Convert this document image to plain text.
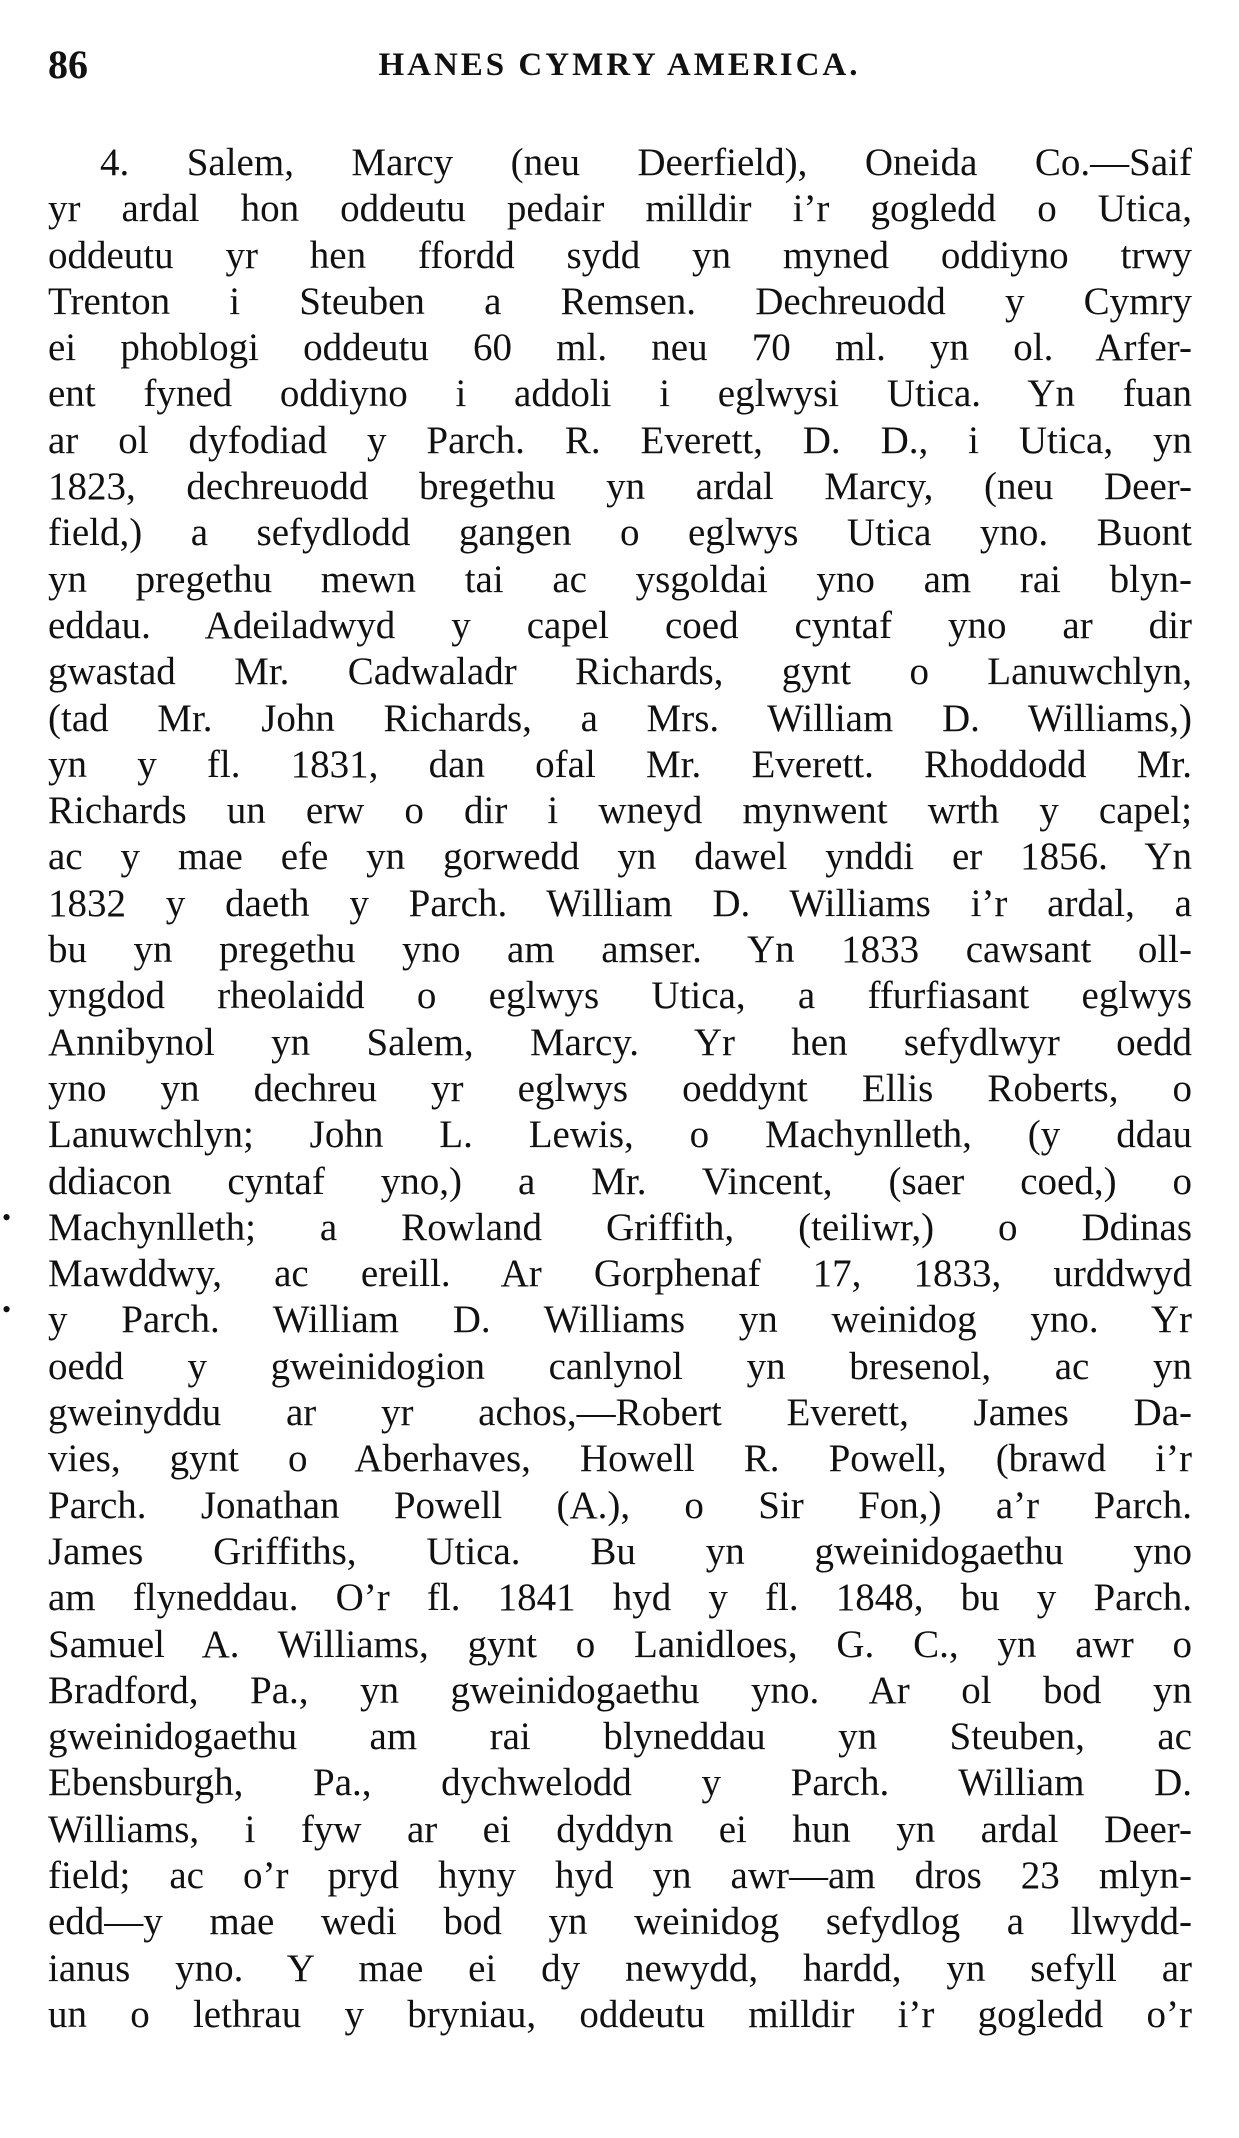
86	HANES CYMRY AMERICA.
4. Salem, Marcy (neu Deerfield), Oneida Co.—Saif
yr ardal hon oddeutu pedair milldir i’r gogledd o Utica,
oddeutu yr hen ffordd sydd yn myned oddiyno trwy
Trenton i Steuben a Remsen. Dechreuodd y Cymry
ei phoblogi oddeutu 60 ml. neu 70 ml. yn ol. Arfer-
ent fyned oddiyno i addoli i eglwysi Utica. Yn fuan
ar ol dyfodiad y Parch. R. Everett, D. D., i Utica, yn
1823, dechreuodd bregethu yn ardal Marcy, (neu Deer-
field,) a sefydlodd gangen o eglwys Utica yno. Buont
yn pregethu mewn tai ac ysgoldai yno am rai blyn-
eddau. Adeiladwyd y capel coed cyntaf yno ar dir
gwastad Mr. Cadwaladr Richards, gynt o Lanuwchlyn,
(tad Mr. John Richards, a Mrs. William D. Williams,)
yn y fl. 1831, dan ofal Mr. Everett. Rhoddodd Mr.
Richards un erw o dir i wneyd mynwent wrth y capel;
ac y mae efe yn gorwedd yn dawel ynddi er 1856. Yn
1832 y daeth y Parch. William D. Williams i’r ardal, a
bu yn pregethu yno am amser. Yn 1833 cawsant oll-
yngdod rheolaidd o eglwys Utica, a ffurfiasant eglwys
Annibynol yn Salem, Marcy. Yr hen sefydlwyr oedd
yno yn dechreu yr eglwys oeddynt Ellis Roberts, o
Lanuwchlyn; John L. Lewis, o Machynlleth, (y ddau
ddiacon cyntaf yno,) a Mr. Vincent, (saer coed,) o
Machynlleth; a Rowland Griffith, (teiliwr,) o Ddinas
Mawddwy, ac ereill. Ar Gorphenaf 17, 1833, urddwyd
y Parch. William D. Williams yn weinidog yno. Yr
oedd y gweinidogion canlynol yn bresenol, ac yn
gweinyddu ar yr achos,—Robert Everett, James Da-
vies, gynt o Aberhaves, Howell R. Powell, (brawd i’r
Parch. Jonathan Powell (A.), o Sir Fon,) a’r Parch.
James Griffiths, Utica. Bu yn gweinidogaethu yno
am flyneddau. O’r fl. 1841 hyd y fl. 1848, bu y Parch.
Samuel A. Williams, gynt o Lanidloes, G. C., yn awr o
Bradford, Pa., yn gweinidogaethu yno. Ar ol bod yn
gweinidogaethu am rai blyneddau yn Steuben, ac
Ebensburgh, Pa., dychwelodd y Parch. William D.
Williams, i fyw ar ei dyddyn ei hun yn ardal Deer-
field; ac o’r pryd hyny hyd yn awr—am dros 23 mlyn-
edd—y mae wedi bod yn weinidog sefydlog a llwydd-
ianus yno. Y mae ei dy newydd, hardd, yn sefyll ar
un o lethrau y bryniau, oddeutu milldir i’r gogledd o’r
•
•
